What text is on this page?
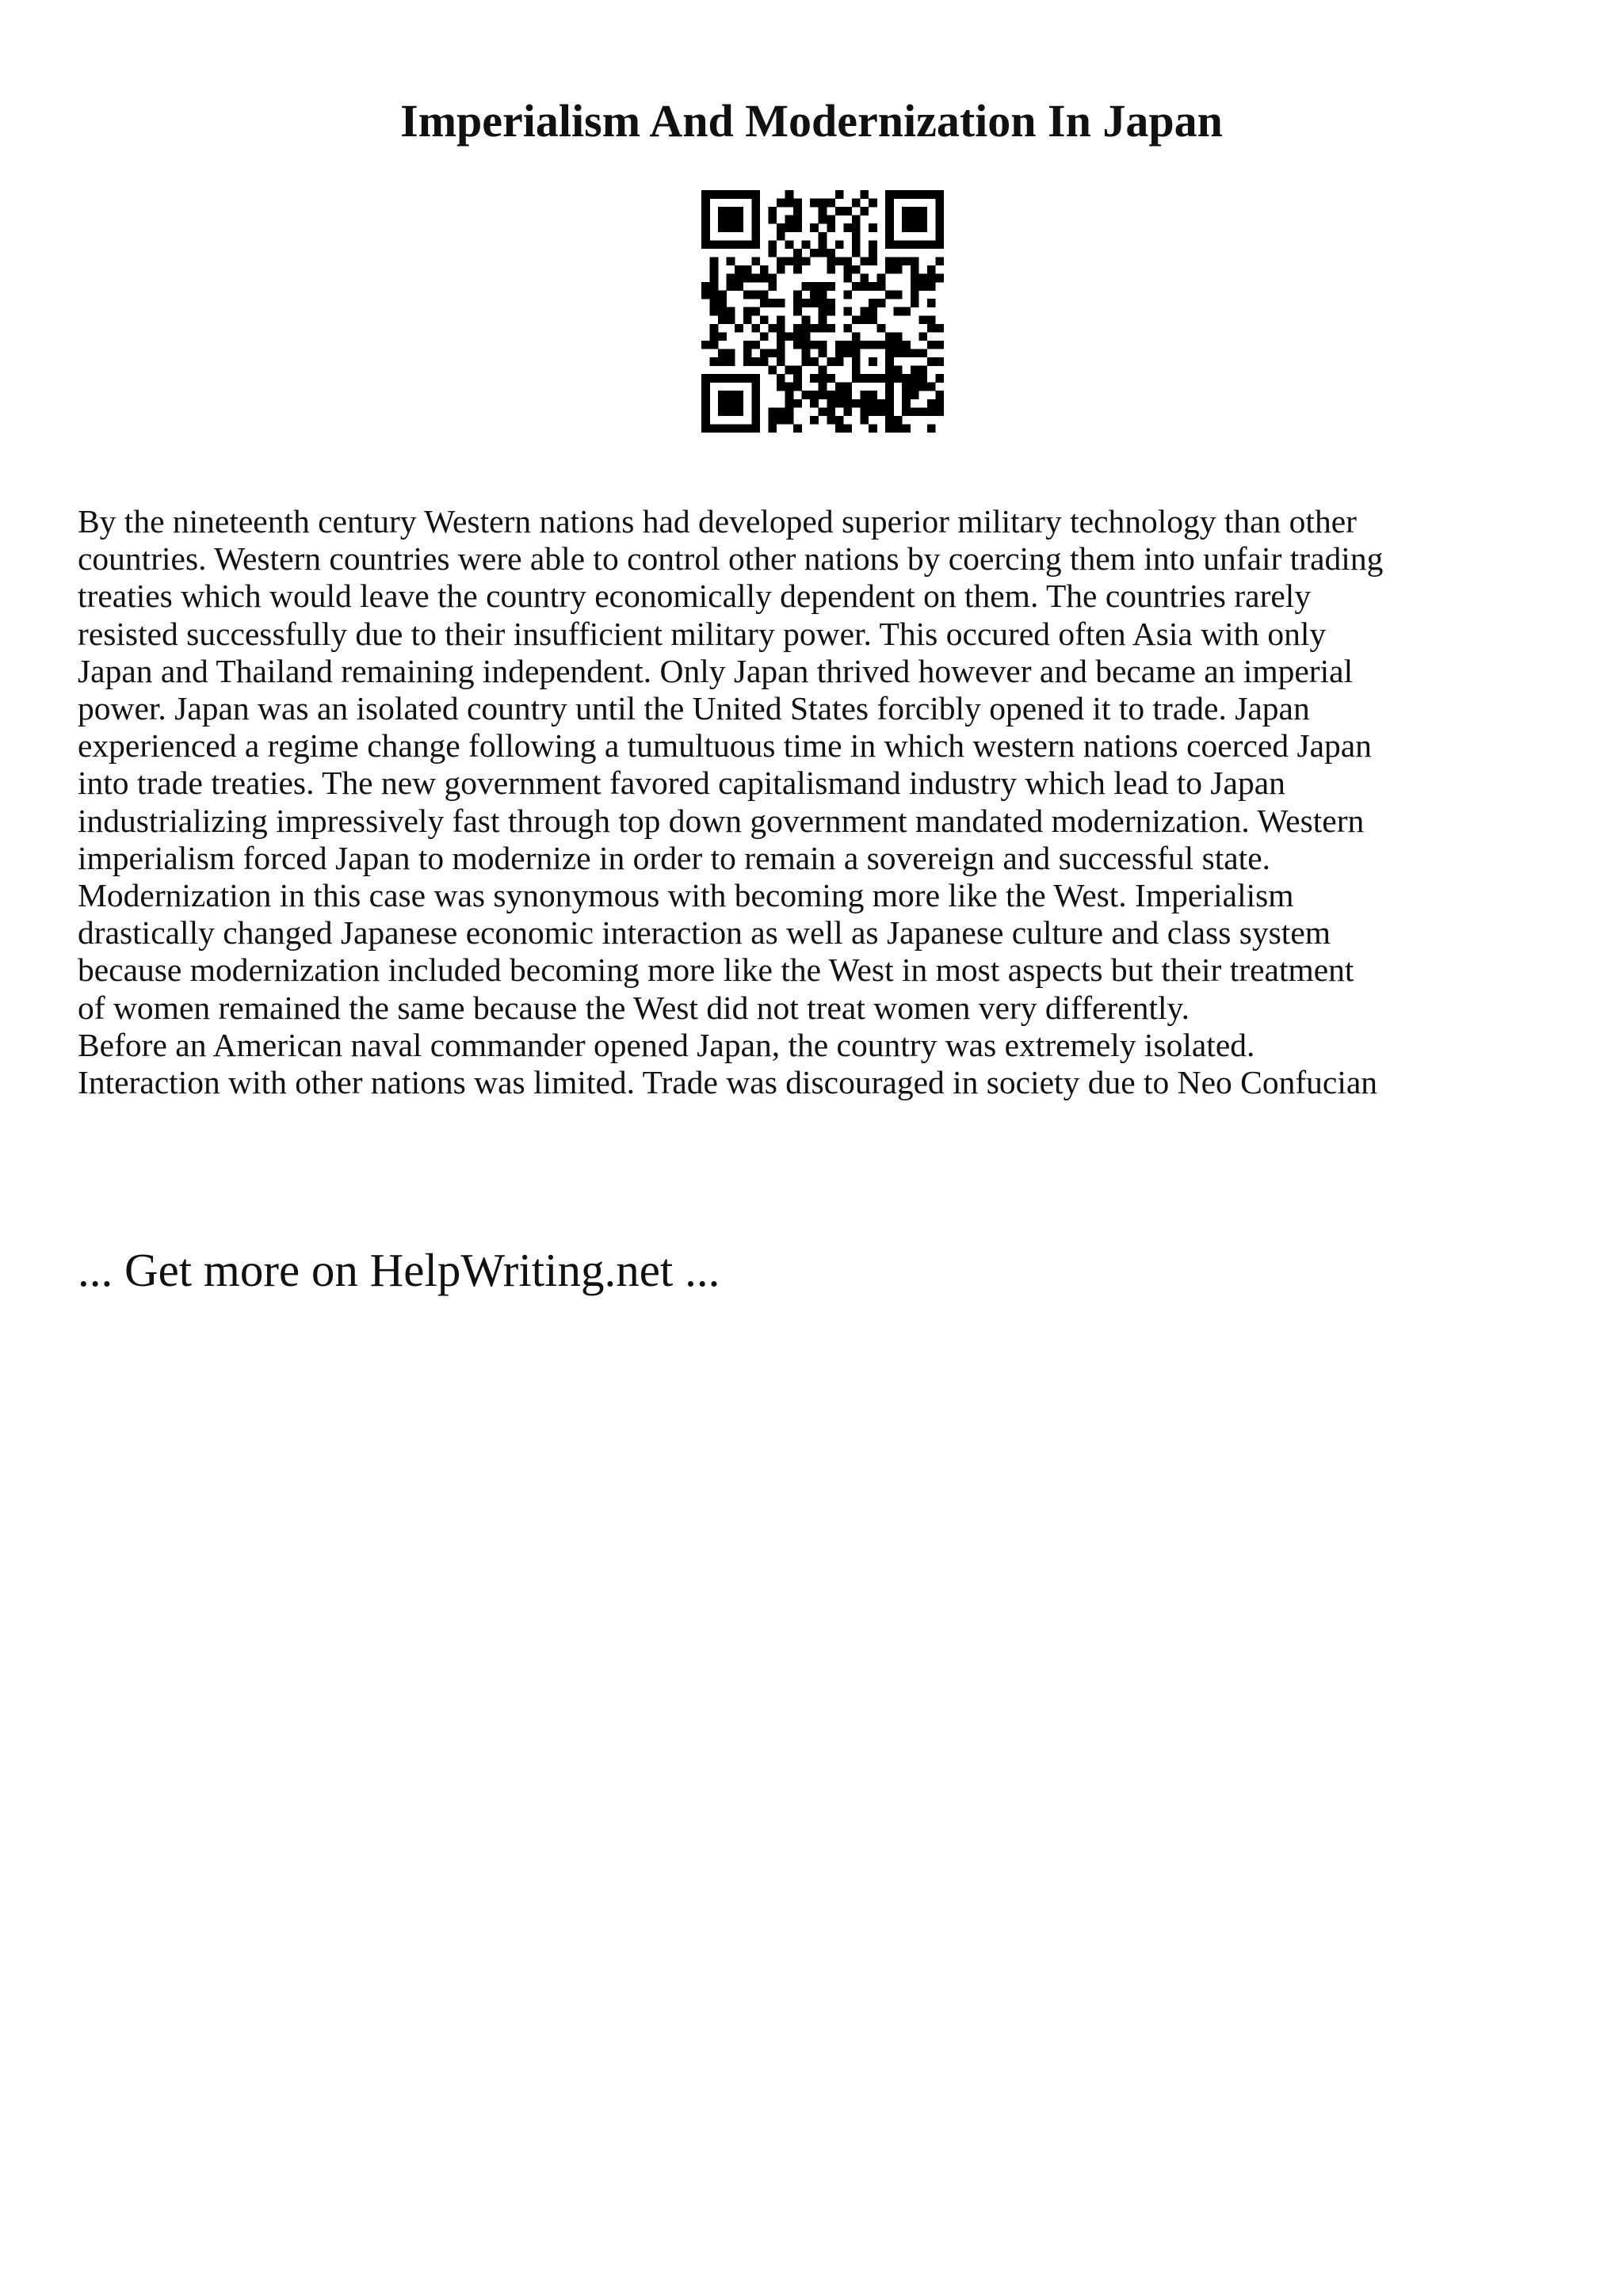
Imperialism And Modernization In Japan

By the nineteenth century Western nations had developed superior military technology than other
countries. Western countries were able to control other nations by coercing them into unfair trading
treaties which would leave the country economically dependent on them. The countries rarely
resisted successfully due to their insufficient military power. This occured often Asia with only
Japan and Thailand remaining independent. Only Japan thrived however and became an imperial
power. Japan was an isolated country until the United States forcibly opened it to trade. Japan
experienced a regime change following a tumultuous time in which western nations coerced Japan
into trade treaties. The new government favored capitalismand industry which lead to Japan
industrializing impressively fast through top down government mandated modernization. Western
imperialism forced Japan to modernize in order to remain a sovereign and successful state.
Modernization in this case was synonymous with becoming more like the West. Imperialism
drastically changed Japanese economic interaction as well as Japanese culture and class system
because modernization included becoming more like the West in most aspects but their treatment
of women remained the same because the West did not treat women very differently.
Before an American naval commander opened Japan, the country was extremely isolated.
Interaction with other nations was limited. Trade was discouraged in society due to Neo Confucian

... Get more on HelpWriting.net ...
